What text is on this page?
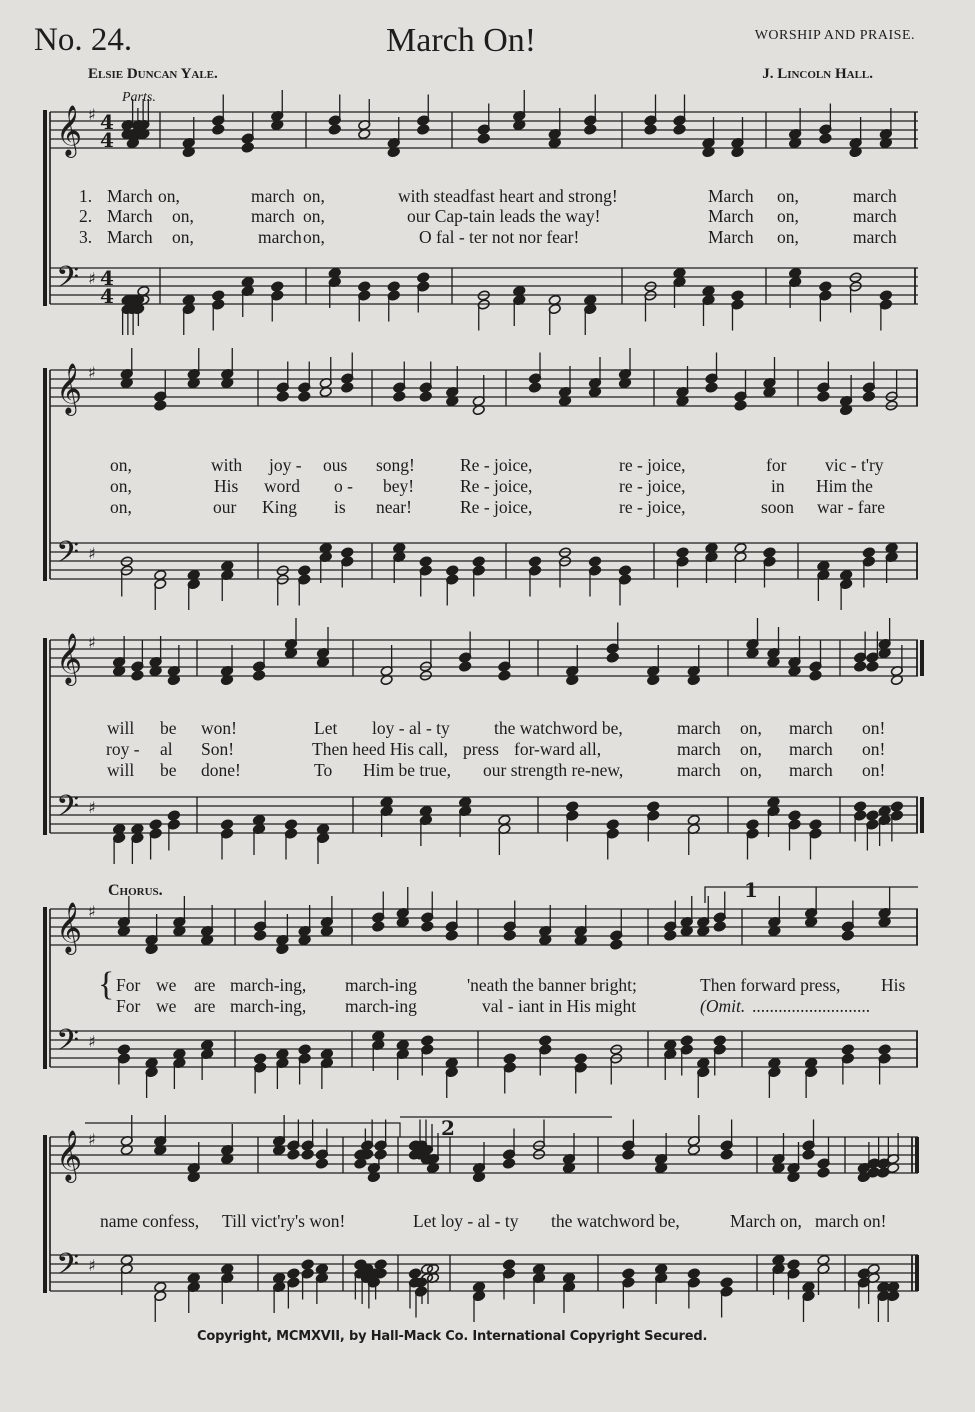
No. 24.	March On!	WORSHIP AND PRAISE.
Elsie Duncan Yale.	J. Lincoln Hall.
Parts.
Chorus.
𝄞 ♯ 4
4
𝄢 ♯ 4
4
𝄞 ♯
𝄢 ♯
𝄞 ♯
𝄢 ♯
𝄞 ♯
𝄢 ♯
𝄞 ♯
𝄢 ♯
1
2
1. March on,	march on,	with steadfast heart and strong!	March on,	march
2. March on,	march on,	our Cap-tain leads the way!	March on,	march
3. March on,	march on,	O fal - ter not nor fear!	March on,	march
on,	with joy - ous song!	Re - joice,	re - joice,	for vic - t'ry
on,	His word o - bey!	Re - joice,	re - joice,	in Him the
on,	our King is near!	Re - joice,	re - joice,	soon war - fare
will be won!	Let loy - al - ty	the watchword be,	march on, march on!
roy - al Son!	Then heed His call, press for-ward all,	march on, march on!
will be done!	To Him be true, our strength re-new,	march on, march on!
{ For we are march-ing, march-ing	'neath the banner bright;	Then forward press, His
For we are march-ing, march-ing	val - iant in His might	(Omit. ...........................
name confess, Till vict'ry's won!	Let loy - al - ty the watchword be,	March on, march on!
Copyright, MCMXVII, by Hall-Mack Co. International Copyright Secured.
